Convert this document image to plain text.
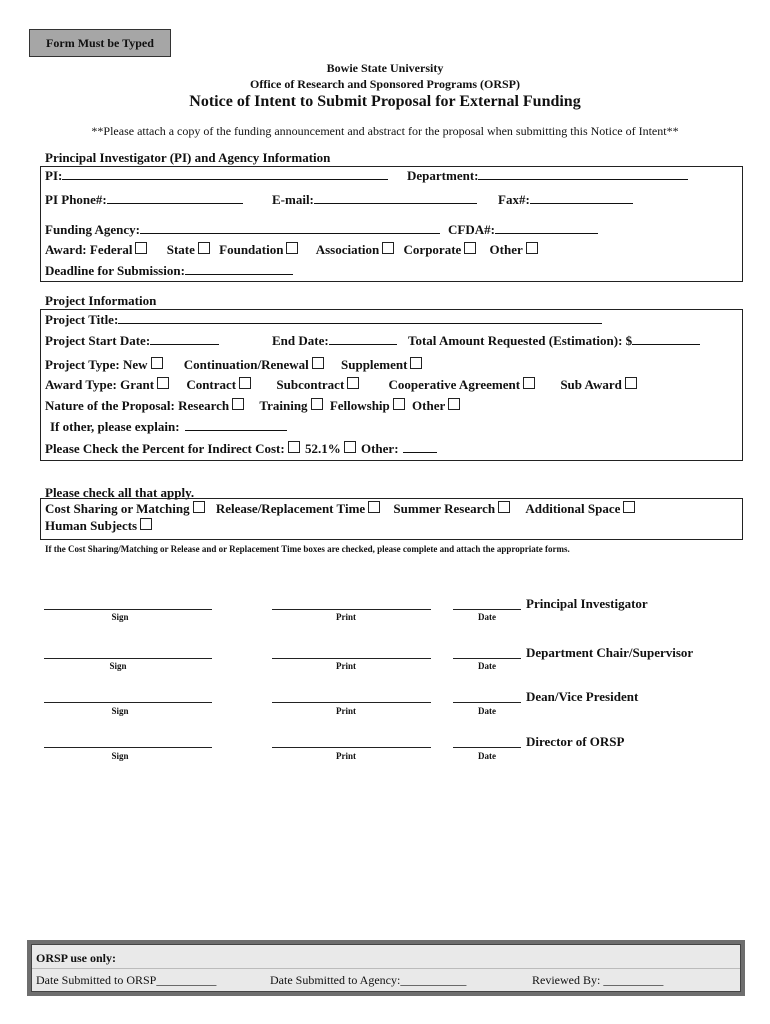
Form Must be Typed
Bowie State University
Office of Research and Sponsored Programs (ORSP)
Notice of Intent to Submit Proposal for External Funding
**Please attach a copy of the funding announcement and abstract for the proposal when submitting this Notice of Intent**
Principal Investigator (PI) and Agency Information
PI:	Department:
PI Phone#:	E-mail:	Fax#:
Funding Agency:	CFDA#:
Award: Federal	State Foundation Association Corporate Other
Deadline for Submission:
Project Information
Project Title:
Project Start Date:	End Date:	Total Amount Requested (Estimation): $
Project Type: New	Continuation/Renewal Supplement
Award Type: Grant Contract	Subcontract	Cooperative Agreement	Sub Award
Nature of the Proposal: Research Training Fellowship Other
If other, please explain:
Please Check the Percent for Indirect Cost: 52.1% Other:
Please check all that apply.
Cost Sharing or Matching Release/Replacement Time Summer Research Additional Space
Human Subjects
If the Cost Sharing/Matching or Release and or Replacement Time boxes are checked, please complete and attach the appropriate forms.
Sign	Print	Date
Principal Investigator
Sign	Print	Date
Department Chair/Supervisor
Sign	Print	Date
Dean/Vice President
Sign	Print	Date
Director of ORSP
ORSP use only:
Date Submitted to ORSP__________	Date Submitted to Agency:___________	Reviewed By: __________
